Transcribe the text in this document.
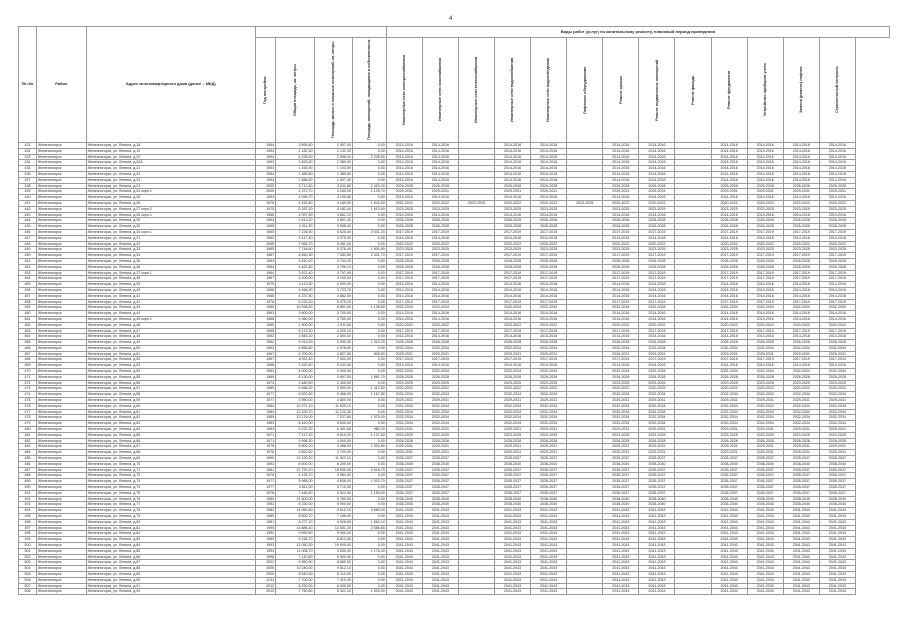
4
№ п/п	Район	Адрес многоквартирного дома (далее – МКД)					Виды работ (услуг) по капитальному ремонту, плановый период проведения												

			Год постройки	Общая площадь, кв. метры	Площадь жилых и нежилых помещений, кв. метры	Площадь помещений, находящихся в собственности	Инженерные сети электроснабжения	Инженерные сети газоснабжения	Инженерные сети теплоснабжения	Инженерные сети водоснабжения	Инженерные сети водоотведения	Лифтовое оборудование	Ремонт крыши	Ремонт подвальных помещений	Ремонт фасада	Ремонт фундамента	Устройство приборов учета	Замена (ремонт) лифтов	Строительный контроль

431	Железногорск	Железногорск, ул. Ленина, д.18	1964	3 895,40	2 457,00	0,00	2014-2016	2014-2016		2014-2016	2014-2016		2014-2016	2014-2016		2014-2016	2014-2016	2014-2016	2014-2016
432	Железногорск	Железногорск, ул. Ленина, д.19	1954	1 182,30	1 132,30	0,00	2014-2016	2014-2016		2014-2016	2014-2016		2014-2016	2014-2016		2014-2016	2014-2016	2014-2016	2014-2016
433	Железногорск	Железногорск, ул. Ленина, д.20	1954	4 228,30	2 558,00	2 228,50	2014-2016	2014-2016		2014-2016	2014-2016		2014-2016	2014-2016		2014-2016	2014-2016	2014-2016	2014-2016
434	Железногорск	Железногорск, ул. Ленина, д.20А	1953	3 825,60	2 380,00	0,00	2014-2016	2014-2016		2014-2016	2014-2016		2014-2016	2014-2016		2014-2016	2014-2016	2014-2016	2014-2016
435	Железногорск	Железногорск, ул. Ленина, д.21	1954	1 163,90	1 103,90	0,00	2014-2016	2014-2016		2014-2016	2014-2016		2014-2016	2014-2016		2014-2016	2014-2016	2014-2016	2014-2016
436	Железногорск	Железногорск, ул. Ленина, д.22	1954	1 385,60	1 385,60	0,00	2014-2016	2014-2016		2014-2016	2014-2016		2014-2016	2014-2016		2014-2016	2014-2016	2014-2016	2014-2016
437	Железногорск	Железногорск, ул. Ленина, д.23	1954	1 586,50	1 537,40	0,00	2014-2016	2014-2016		2014-2016	2014-2016		2014-2016	2014-2016		2014-2016	2014-2016	2014-2016	2014-2016
438	Железногорск	Железногорск, ул. Ленина, д.24	2000	3 712,60	3 611,60	2 420,00	2026-2028	2026-2028		2026-2028	2026-2028		2026-2028	2026-2028		2026-2028	2026-2028	2026-2028	2026-2028
439	Железногорск	Железногорск, ул. Ленина, д.24 корп.1	2005	4 372,70	4 160,00	1 125,70	2029-2031	2029-2031		2029-2031	2029-2031		2029-2031	2029-2031		2029-2031	2029-2031	2029-2031	2029-2031
440	Железногорск	Железногорск, ул. Ленина, д.25	1954	4 096,70	4 190,80	0,00	2014-2016	2014-2016		2014-2016	2014-2016		2014-2016	2014-2016		2014-2016	2014-2016	2014-2016	2014-2016
441	Железногорск	Железногорск, ул. Ленина, д.26	1978	5 153,40	4 180,00	1 542,00	2020-2022	2020-2022	2023-2025	2020-2022	2020-2022	2023-2025	2020-2022	2020-2022		2020-2022	2020-2022	2020-2022	2020-2022
442	Железногорск	Железногорск, ул. Ленина, д.27 корп.2	1975	5 287,20	4 182,40	1 613,90	2023-2025	2023-2025		2023-2025	2023-2025		2023-2025	2023-2025		2023-2025	2023-2025	2023-2025	2023-2025
443	Железногорск	Железногорск, ул. Ленина, д.28 корп.1	1966	4 097,50	3 861,10	0,00	2014-2016	2014-2016		2014-2016	2014-2016		2014-2016	2014-2016		2014-2016	2014-2016	2014-2016	2014-2016
444	Железногорск	Железногорск, ул. Ленина, д.29	1964	3 613,20	3 801,40	0,00	2026-2028	2026-2028		2026-2028	2026-2028		2026-2028	2026-2028		2026-2028	2026-2028	2026-2028	2026-2028
445	Железногорск	Железногорск, ул. Ленина, д.30	1965	4 911,90	3 908,40	0,00	2026-2028	2026-2028		2026-2028	2026-2028		2026-2028	2026-2028		2026-2028	2026-2028	2026-2028	2026-2028
446	Железногорск	Железногорск, ул. Ленина, д.30 корп.1	1965	7 226,50	5 625,40	2 041,20	2017-2019	2017-2019		2017-2019	2017-2019		2017-2019	2017-2019		2017-2019	2017-2019	2017-2019	2017-2019
447	Железногорск	Железногорск, ул. Ленина, д.31	1960	3 417,40	3 375,90	0,00	2014-2016	2014-2016		2014-2016	2014-2016		2014-2016	2014-2016		2014-2016	2014-2016	2014-2016	2014-2016
448	Железногорск	Железногорск, ул. Ленина, д.32	1965	7 065,70	5 281,00	0,00	2020-2022	2020-2022		2020-2022	2020-2022		2020-2022	2020-2022		2020-2022	2020-2022	2020-2022	2020-2022
449	Железногорск	Железногорск, ул. Ленина, д.33	1965	7 748,60	5 378,40	1 600,90	2023-2025	2023-2025		2023-2025	2023-2025		2023-2025	2023-2025		2023-2025	2023-2025	2023-2025	2023-2025
450	Железногорск	Железногорск, ул. Ленина, д.34	1967	8 560,30	7 082,80	2 431,70	2017-2019	2017-2019		2017-2019	2017-2019		2017-2019	2017-2019		2017-2019	2017-2019	2017-2019	2017-2019
451	Железногорск	Железногорск, ул. Ленина, д.35	1964	4 810,20	3 793,20	0,00	2026-2028	2026-2028		2026-2028	2026-2028		2026-2028	2026-2028		2026-2028	2026-2028	2026-2028	2026-2028
452	Железногорск	Железногорск, ул. Ленина, д.36	1964	4 821,60	3 756,10	0,00	2026-2028	2026-2028		2026-2028	2026-2028		2026-2028	2026-2028		2026-2028	2026-2028	2026-2028	2026-2028
453	Железногорск	Железногорск, ул. Ленина, д.37 корп.1	1964	3 871,40	3 797,40	0,00	2017-2019	2017-2019		2017-2019	2017-2019		2017-2019	2017-2019		2017-2019	2017-2019	2017-2019	2017-2019
454	Железногорск	Железногорск, ул. Ленина, д.38	1967	4 200,00	4 100,00	0,00	2017-2019	2017-2019		2017-2019	2017-2019		2017-2019	2017-2019		2017-2019	2017-2019	2017-2019	2017-2019
455	Железногорск	Железногорск, ул. Ленина, д.39	1970	4 113,50	4 000,00	0,00	2014-2016	2014-2016		2014-2016	2014-2016		2014-2016	2014-2016		2014-2016	2014-2016	2014-2016	2014-2016
456	Железногорск	Железногорск, ул. Ленина, д.40	1968	4 466,90	3 733,70	0,00	2014-2016	2014-2016		2014-2016	2014-2016		2014-2016	2014-2016		2014-2016	2014-2016	2014-2016	2014-2016
457	Железногорск	Железногорск, ул. Ленина, д.41	1968	4 237,50	3 862,50	0,00	2014-2016	2014-2016		2014-2016	2014-2016		2014-2016	2014-2016		2014-2016	2014-2016	2014-2016	2014-2016
458	Железногорск	Железногорск, ул. Ленина, д.42	1978	6 233,20	5 475,20	0,00	2017-2019	2017-2019		2017-2019	2017-2019		2017-2019	2017-2019		2017-2019	2017-2019	2017-2019	2017-2019
459	Железногорск	Железногорск, ул. Ленина, д.43	1980	10 938,90	8 851,90	1 135,60	2032-2034	2032-2034		2032-2034	2032-2034		2032-2034	2032-2034		2032-2034	2032-2034	2032-2034	2032-2034
460	Железногорск	Железногорск, ул. Ленина, д.44	1963	3 800,00	3 700,00	0,00	2014-2016	2014-2016		2014-2016	2014-2016		2014-2016	2014-2016		2014-2016	2014-2016	2014-2016	2014-2016
461	Железногорск	Железногорск, ул. Ленина, д.45 корп.1	1968	4 980,00	4 760,00	0,00	2014-2016	2014-2016		2014-2016	2014-2016		2014-2016	2014-2016		2014-2016	2014-2016	2014-2016	2014-2016
462	Железногорск	Железногорск, ул. Ленина, д.46	1965	1 900,00	1 911,50	0,00	2020-2022	2020-2022		2020-2022	2020-2022		2020-2022	2020-2022		2020-2022	2020-2022	2020-2022	2020-2022
463	Железногорск	Железногорск, ул. Ленина, д.47	1965	5 213,10	4 225,10	0,00	2017-2019	2017-2019		2017-2019	2017-2019		2017-2019	2017-2019		2017-2019	2017-2019	2017-2019	2017-2019
464	Железногорск	Железногорск, ул. Ленина, д.48	1962	2 845,10	2 800,00	0,00	2014-2016	2014-2016		2014-2016	2014-2016		2014-2016	2014-2016		2014-2016	2014-2016	2014-2016	2014-2016
465	Железногорск	Железногорск, ул. Ленина, д.49	1962	5 913,00	3 950,40	1 313,20	2026-2028	2026-2028		2026-2028	2026-2028		2026-2028	2026-2028		2026-2028	2026-2028	2026-2028	2026-2028
466	Железногорск	Железногорск, ул. Ленина, д.50	1963	4 666,80	4 578,60	0,00	2032-2034	2032-2034		2032-2034	2032-2034		2032-2034	2032-2034		2032-2034	2032-2034	2032-2034	2032-2034
467	Железногорск	Железногорск, ул. Ленина, д.51	1967	6 700,00	4 827,80	506,50	2029-2031	2029-2031		2029-2031	2029-2031		2029-2031	2029-2031		2029-2031	2029-2031	2029-2031	2029-2031
468	Железногорск	Железногорск, ул. Ленина, д.52	1967	8 511,40	7 400,00	0,00	2017-2019	2017-2019		2017-2019	2017-2019		2017-2019	2017-2019		2017-2019	2017-2019	2017-2019	2017-2019
469	Железногорск	Железногорск, ул. Ленина, д.53	1968	3 320,40	3 243,00	0,00	2014-2016	2014-2016		2014-2016	2014-2016		2014-2016	2014-2016		2014-2016	2014-2016	2014-2016	2014-2016
470	Железногорск	Железногорск, ул. Ленина, д.54	1963	4 000,00	3 900,00	0,00	2032-2034	2032-2034		2032-2034	2032-2034		2032-2034	2032-2034		2032-2034	2032-2034	2032-2034	2032-2034
471	Железногорск	Железногорск, ул. Ленина, д.55	1969	8 130,00	5 697,50	1 861,70	2026-2028	2026-2028		2026-2028	2026-2028		2026-2028	2026-2028		2026-2028	2026-2028	2026-2028	2026-2028
472	Железногорск	Железногорск, ул. Ленина, д.56	1974	3 480,50	2 400,00	0,00	2023-2025	2023-2025		2023-2025	2023-2025		2023-2025	2023-2025		2023-2025	2023-2025	2023-2025	2023-2025
473	Железногорск	Железногорск, ул. Ленина, д.57	1980	5 588,30	3 950,00	1 412,60	2020-2022	2020-2022		2020-2022	2020-2022		2020-2022	2020-2022		2020-2022	2020-2022	2020-2022	2020-2022
474	Железногорск	Железногорск, ул. Ленина, д.58	1977	6 522,60	5 466,90	1 167,80	2032-2034	2032-2034		2032-2034	2032-2034		2032-2034	2032-2034		2032-2034	2032-2034	2032-2034	2032-2034
475	Железногорск	Железногорск, ул. Ленина, д.59	1977	3 950,00	3 800,00	0,00	2029-2031	2029-2031		2029-2031	2029-2031		2029-2031	2029-2031		2029-2031	2029-2031	2029-2031	2029-2031
476	Железногорск	Железногорск, ул. Ленина, д.60	1984	10 971,10	11 625,10	0,00	2032-2034	2032-2034		2032-2034	2032-2034		2032-2034	2032-2034		2032-2034	2032-2034	2032-2034	2032-2034
477	Железногорск	Железногорск, ул. Ленина, д.61	1984	12 100,70	11 122,30	0,00	2032-2034	2032-2034		2032-2034	2032-2034		2032-2034	2032-2034		2032-2034	2032-2034	2032-2034	2032-2034
478	Железногорск	Железногорск, ул. Ленина, д.62	1985	12 176,00	7 237,60	1 575,00	2032-2034	2032-2034		2032-2034	2032-2034		2032-2034	2032-2034		2032-2034	2032-2034	2032-2034	2032-2034
479	Железногорск	Железногорск, ул. Ленина, д.63	1983	8 420,00	5 600,00	0,00	2032-2034	2032-2034		2032-2034	2032-2034		2032-2034	2032-2034		2032-2034	2032-2034	2032-2034	2032-2034
480	Железногорск	Железногорск, ул. Ленина, д.64	1984	9 222,30	6 451,60	980,20	2029-2031	2029-2031		2029-2031	2029-2031		2029-2031	2029-2031		2029-2031	2029-2031	2029-2031	2029-2031
481	Железногорск	Железногорск, ул. Ленина, д.65	1971	7 117,20	5 510,20	1 107,60	2023-2025	2023-2025		2023-2025	2023-2025		2023-2025	2023-2025		2023-2025	2023-2025	2023-2025	2023-2025
482	Железногорск	Железногорск, ул. Ленина, д.66	1971	5 996,30	4 600,00	0,00	2026-2028	2026-2028		2026-2028	2026-2028		2026-2028	2026-2028		2026-2028	2026-2028	2026-2028	2026-2028
483	Железногорск	Железногорск, ул. Ленина, д.67	1976	5 800,20	4 488,00	1 002,80	2029-2031	2029-2031		2029-2031	2029-2031		2029-2031	2029-2031		2029-2031	2029-2031	2029-2031	2029-2031
484	Железногорск	Железногорск, ул. Ленина, д.68	1978	3 820,50	3 700,00	0,00	2029-2031	2029-2031		2029-2031	2029-2031		2029-2031	2029-2031		2029-2031	2029-2031	2029-2031	2029-2031
485	Железногорск	Железногорск, ул. Ленина, д.69	1990	12 190,10	11 622,10	0,00	2035-2037	2035-2037		2035-2037	2035-2037		2035-2037	2035-2037		2035-2037	2035-2037	2035-2037	2035-2037
486	Железногорск	Железногорск, ул. Ленина, д.70	1994	8 500,00	8 200,00	0,00	2038-2040	2038-2040		2038-2040	2038-2040		2038-2040	2038-2040		2038-2040	2038-2040	2038-2040	2038-2040
487	Железногорск	Железногорск, ул. Ленина, д.71	1981	21 720,10	18 990,00	2 016,70	2035-2037	2035-2037		2035-2037	2035-2037		2035-2037	2035-2037		2035-2037	2035-2037	2035-2037	2035-2037
488	Железногорск	Железногорск, ул. Ленина, д.72	1976	4 126,70	3 984,30	0,00	2035-2037	2035-2037		2035-2037	2035-2037		2035-2037	2035-2037		2035-2037	2035-2037	2035-2037	2035-2037
489	Железногорск	Железногорск, ул. Ленина, д.73	1977	5 988,00	4 836,00	1 002,70	2035-2037	2035-2037		2035-2037	2035-2037		2035-2037	2035-2037		2035-2037	2035-2037	2035-2037	2035-2037
490	Железногорск	Железногорск, ул. Ленина, д.74	1977	3 811,00	3 710,00	0,00	2035-2037	2035-2037		2035-2037	2035-2037		2035-2037	2035-2037		2035-2037	2035-2037	2035-2037	2035-2037
491	Железногорск	Железногорск, ул. Ленина, д.75	1978	7 445,50	5 523,90	1 150,00	2035-2037	2035-2037		2035-2037	2035-2037		2035-2037	2035-2037		2035-2037	2035-2037	2035-2037	2035-2037
492	Железногорск	Железногорск, ул. Ленина, д.76	1980	11 500,00	9 760,00	0,00	2038-2040	2038-2040		2038-2040	2038-2040		2038-2040	2038-2040		2038-2040	2038-2040	2038-2040	2038-2040
493	Железногорск	Железногорск, ул. Ленина, д.77	1982	6 230,00	5 900,00	0,00	2038-2040	2038-2040		2038-2040	2038-2040		2038-2040	2038-2040		2038-2040	2038-2040	2038-2040	2038-2040
494	Железногорск	Железногорск, ул. Ленина, д.78	1983	14 960,50	9 612,10	3 680,00	2041-2043	2041-2043		2041-2043	2041-2043		2041-2043	2041-2043		2041-2043	2041-2043	2041-2043	2041-2043
495	Железногорск	Железногорск, ул. Ленина, д.79	1985	8 500,70	7 186,60	0,00	2041-2043	2041-2043		2041-2043	2041-2043		2041-2043	2041-2043		2041-2043	2041-2043	2041-2043	2041-2043
496	Железногорск	Железногорск, ул. Ленина, д.80	1981	8 277,10	5 928,60	1 662,10	2041-2043	2041-2043		2041-2043	2041-2043		2041-2043	2041-2043		2041-2043	2041-2043	2041-2043	2041-2043
497	Железногорск	Железногорск, ул. Ленина, д.81	1990	14 886,40	12 551,20	2 086,80	2041-2043	2041-2043		2041-2043	2041-2043		2041-2043	2041-2043		2041-2043	2041-2043	2041-2043	2041-2043
498	Железногорск	Железногорск, ул. Ленина, д.82	1992	9 990,80	9 590,20	0,00	2041-2043	2041-2043		2041-2043	2041-2043		2041-2043	2041-2043		2041-2043	2041-2043	2041-2043	2041-2043
499	Железногорск	Железногорск, ул. Ленина, д.83	1989	9 236,70	8 812,00	0,00	2041-2043	2041-2043		2041-2043	2041-2043		2041-2043	2041-2043		2041-2043	2041-2043	2041-2043	2041-2043
500	Железногорск	Железногорск, ул. Ленина, д.84	1993	12 050,30	10 900,00	0,00	2041-2043	2041-2043		2041-2043	2041-2043		2041-2043	2041-2043		2041-2043	2041-2043	2041-2043	2041-2043
501	Железногорск	Железногорск, ул. Ленина, д.85	1994	11 008,70	9 830,30	1 178,40	2041-2043	2041-2043		2041-2043	2041-2043		2041-2043	2041-2043		2041-2043	2041-2043	2041-2043	2041-2043
502	Железногорск	Железногорск, ул. Ленина, д.86	1998	7 140,50	6 900,00	0,00	2041-2043	2041-2043		2041-2043	2041-2043		2041-2043	2041-2043		2041-2043	2041-2043	2041-2043	2041-2043
503	Железногорск	Железногорск, ул. Ленина, д.87	2002	9 950,90	8 650,00	0,00	2041-2043	2041-2043		2041-2043	2041-2043		2041-2043	2041-2043		2041-2043	2041-2043	2041-2043	2041-2043
504	Железногорск	Железногорск, ул. Ленина, д.88	2006	10 240,00	9 812,10	0,00	2041-2043	2041-2043		2041-2043	2041-2043		2041-2043	2041-2043		2041-2043	2041-2043	2041-2043	2041-2043
505	Железногорск	Железногорск, ул. Ленина, д.89	2009	8 540,30	8 110,00	0,00	2041-2043	2041-2043		2041-2043	2041-2043		2041-2043	2041-2043		2041-2043	2041-2043	2041-2043	2041-2043
506	Железногорск	Железногорск, ул. Ленина, д.90	2011	7 700,00	7 415,00	0,00	2041-2043	2041-2043		2041-2043	2041-2043		2041-2043	2041-2043		2041-2043	2041-2043	2041-2043	2041-2043
507	Железногорск	Железногорск, ул. Ленина, д.91	2012	6 220,00	6 000,00	0,00	2041-2043	2041-2043		2041-2043	2041-2043		2041-2043	2041-2043		2041-2043	2041-2043	2041-2043	2041-2043
508	Железногорск	Железногорск, ул. Ленина, д.92	2012	7 760,80	5 421,10	1 000,00	2041-2043	2041-2043		2041-2043	2041-2043		2041-2043	2041-2043		2041-2043	2041-2043	2041-2043	2041-2043
